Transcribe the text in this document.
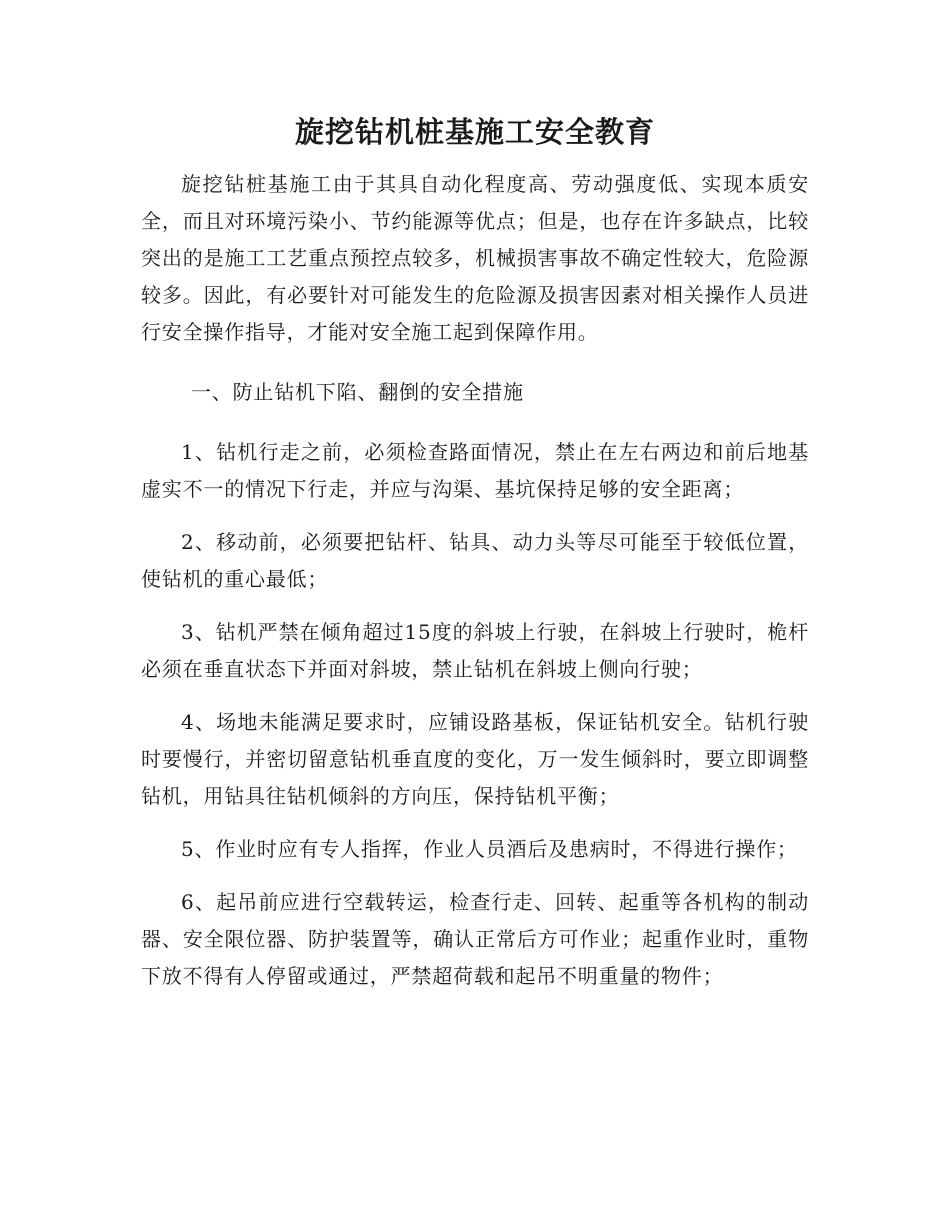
旋挖钻机桩基施工安全教育

旋挖钻桩基施工由于其具自动化程度高、劳动强度低、实现本质安全，而且对环境污染小、节约能源等优点；但是，也存在许多缺点，比较突出的是施工工艺重点预控点较多，机械损害事故不确定性较大，危险源较多。因此，有必要针对可能发生的危险源及损害因素对相关操作人员进行安全操作指导，才能对安全施工起到保障作用。

一、防止钻机下陷、翻倒的安全措施

1、钻机行走之前，必须检查路面情况，禁止在左右两边和前后地基虚实不一的情况下行走，并应与沟渠、基坑保持足够的安全距离；

2、移动前，必须要把钻杆、钻具、动力头等尽可能至于较低位置，使钻机的重心最低；

3、钻机严禁在倾角超过15度的斜坡上行驶，在斜坡上行驶时，桅杆必须在垂直状态下并面对斜坡，禁止钻机在斜坡上侧向行驶；

4、场地未能满足要求时，应铺设路基板，保证钻机安全。钻机行驶时要慢行，并密切留意钻机垂直度的变化，万一发生倾斜时，要立即调整钻机，用钻具往钻机倾斜的方向压，保持钻机平衡；

5、作业时应有专人指挥，作业人员酒后及患病时，不得进行操作；

6、起吊前应进行空载转运，检查行走、回转、起重等各机构的制动器、安全限位器、防护装置等，确认正常后方可作业；起重作业时，重物下放不得有人停留或通过，严禁超荷载和起吊不明重量的物件；
